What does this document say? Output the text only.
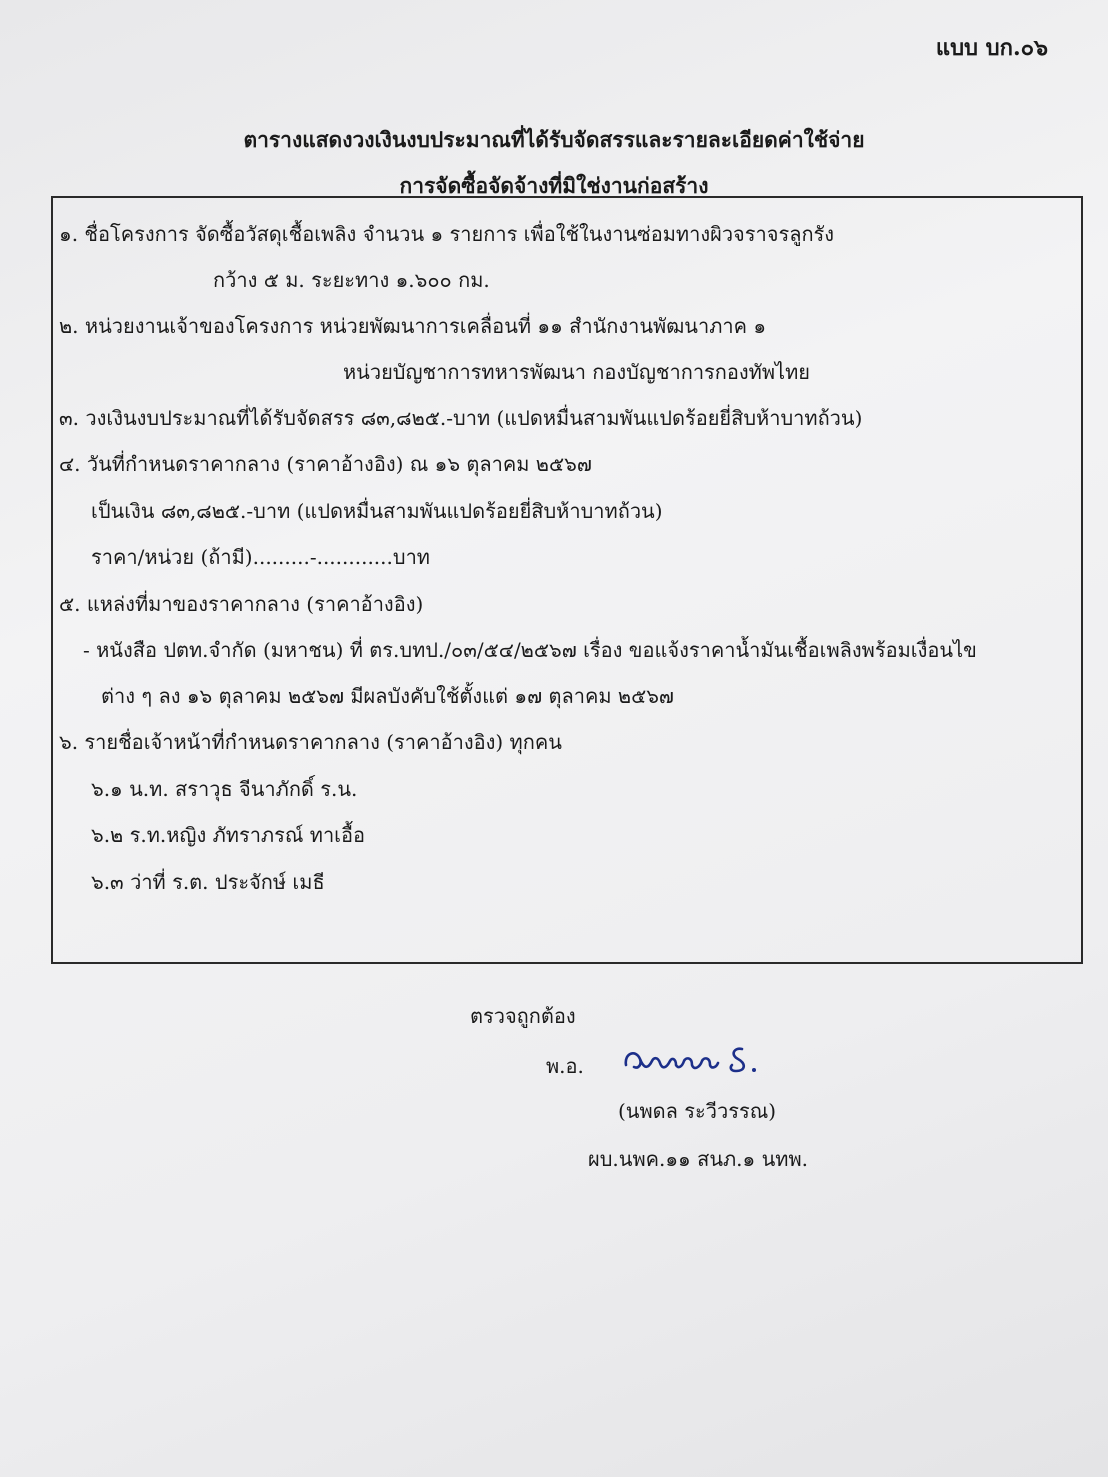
แบบ บก.๐๖
ตารางแสดงวงเงินงบประมาณที่ได้รับจัดสรรและรายละเอียดค่าใช้จ่าย
การจัดซื้อจัดจ้างที่มิใช่งานก่อสร้าง
๑. ชื่อโครงการ จัดซื้อวัสดุเชื้อเพลิง จำนวน ๑ รายการ เพื่อใช้ในงานซ่อมทางผิวจราจรลูกรัง
กว้าง ๕ ม. ระยะทาง ๑.๖๐๐ กม.
๒. หน่วยงานเจ้าของโครงการ หน่วยพัฒนาการเคลื่อนที่ ๑๑ สำนักงานพัฒนาภาค ๑
หน่วยบัญชาการทหารพัฒนา กองบัญชาการกองทัพไทย
๓. วงเงินงบประมาณที่ได้รับจัดสรร ๘๓,๘๒๕.-บาท (แปดหมื่นสามพันแปดร้อยยี่สิบห้าบาทถ้วน)
๔. วันที่กำหนดราคากลาง (ราคาอ้างอิง) ณ ๑๖ ตุลาคม ๒๕๖๗
เป็นเงิน ๘๓,๘๒๕.-บาท (แปดหมื่นสามพันแปดร้อยยี่สิบห้าบาทถ้วน)
ราคา/หน่วย (ถ้ามี).........-............บาท
๕. แหล่งที่มาของราคากลาง (ราคาอ้างอิง)
- หนังสือ ปตท.จำกัด (มหาชน) ที่ ตร.บทป./๐๓/๕๔/๒๕๖๗ เรื่อง ขอแจ้งราคาน้ำมันเชื้อเพลิงพร้อมเงื่อนไข
ต่าง ๆ ลง ๑๖ ตุลาคม ๒๕๖๗ มีผลบังคับใช้ตั้งแต่ ๑๗ ตุลาคม ๒๕๖๗
๖. รายชื่อเจ้าหน้าที่กำหนดราคากลาง (ราคาอ้างอิง) ทุกคน
๖.๑ น.ท. สราวุธ จีนาภักดิ์ ร.น.
๖.๒ ร.ท.หญิง ภัทราภรณ์ ทาเอื้อ
๖.๓ ว่าที่ ร.ต. ประจักษ์ เมธี
ตรวจถูกต้อง
พ.อ.
(นพดล ระวีวรรณ)
ผบ.นพค.๑๑ สนภ.๑ นทพ.
